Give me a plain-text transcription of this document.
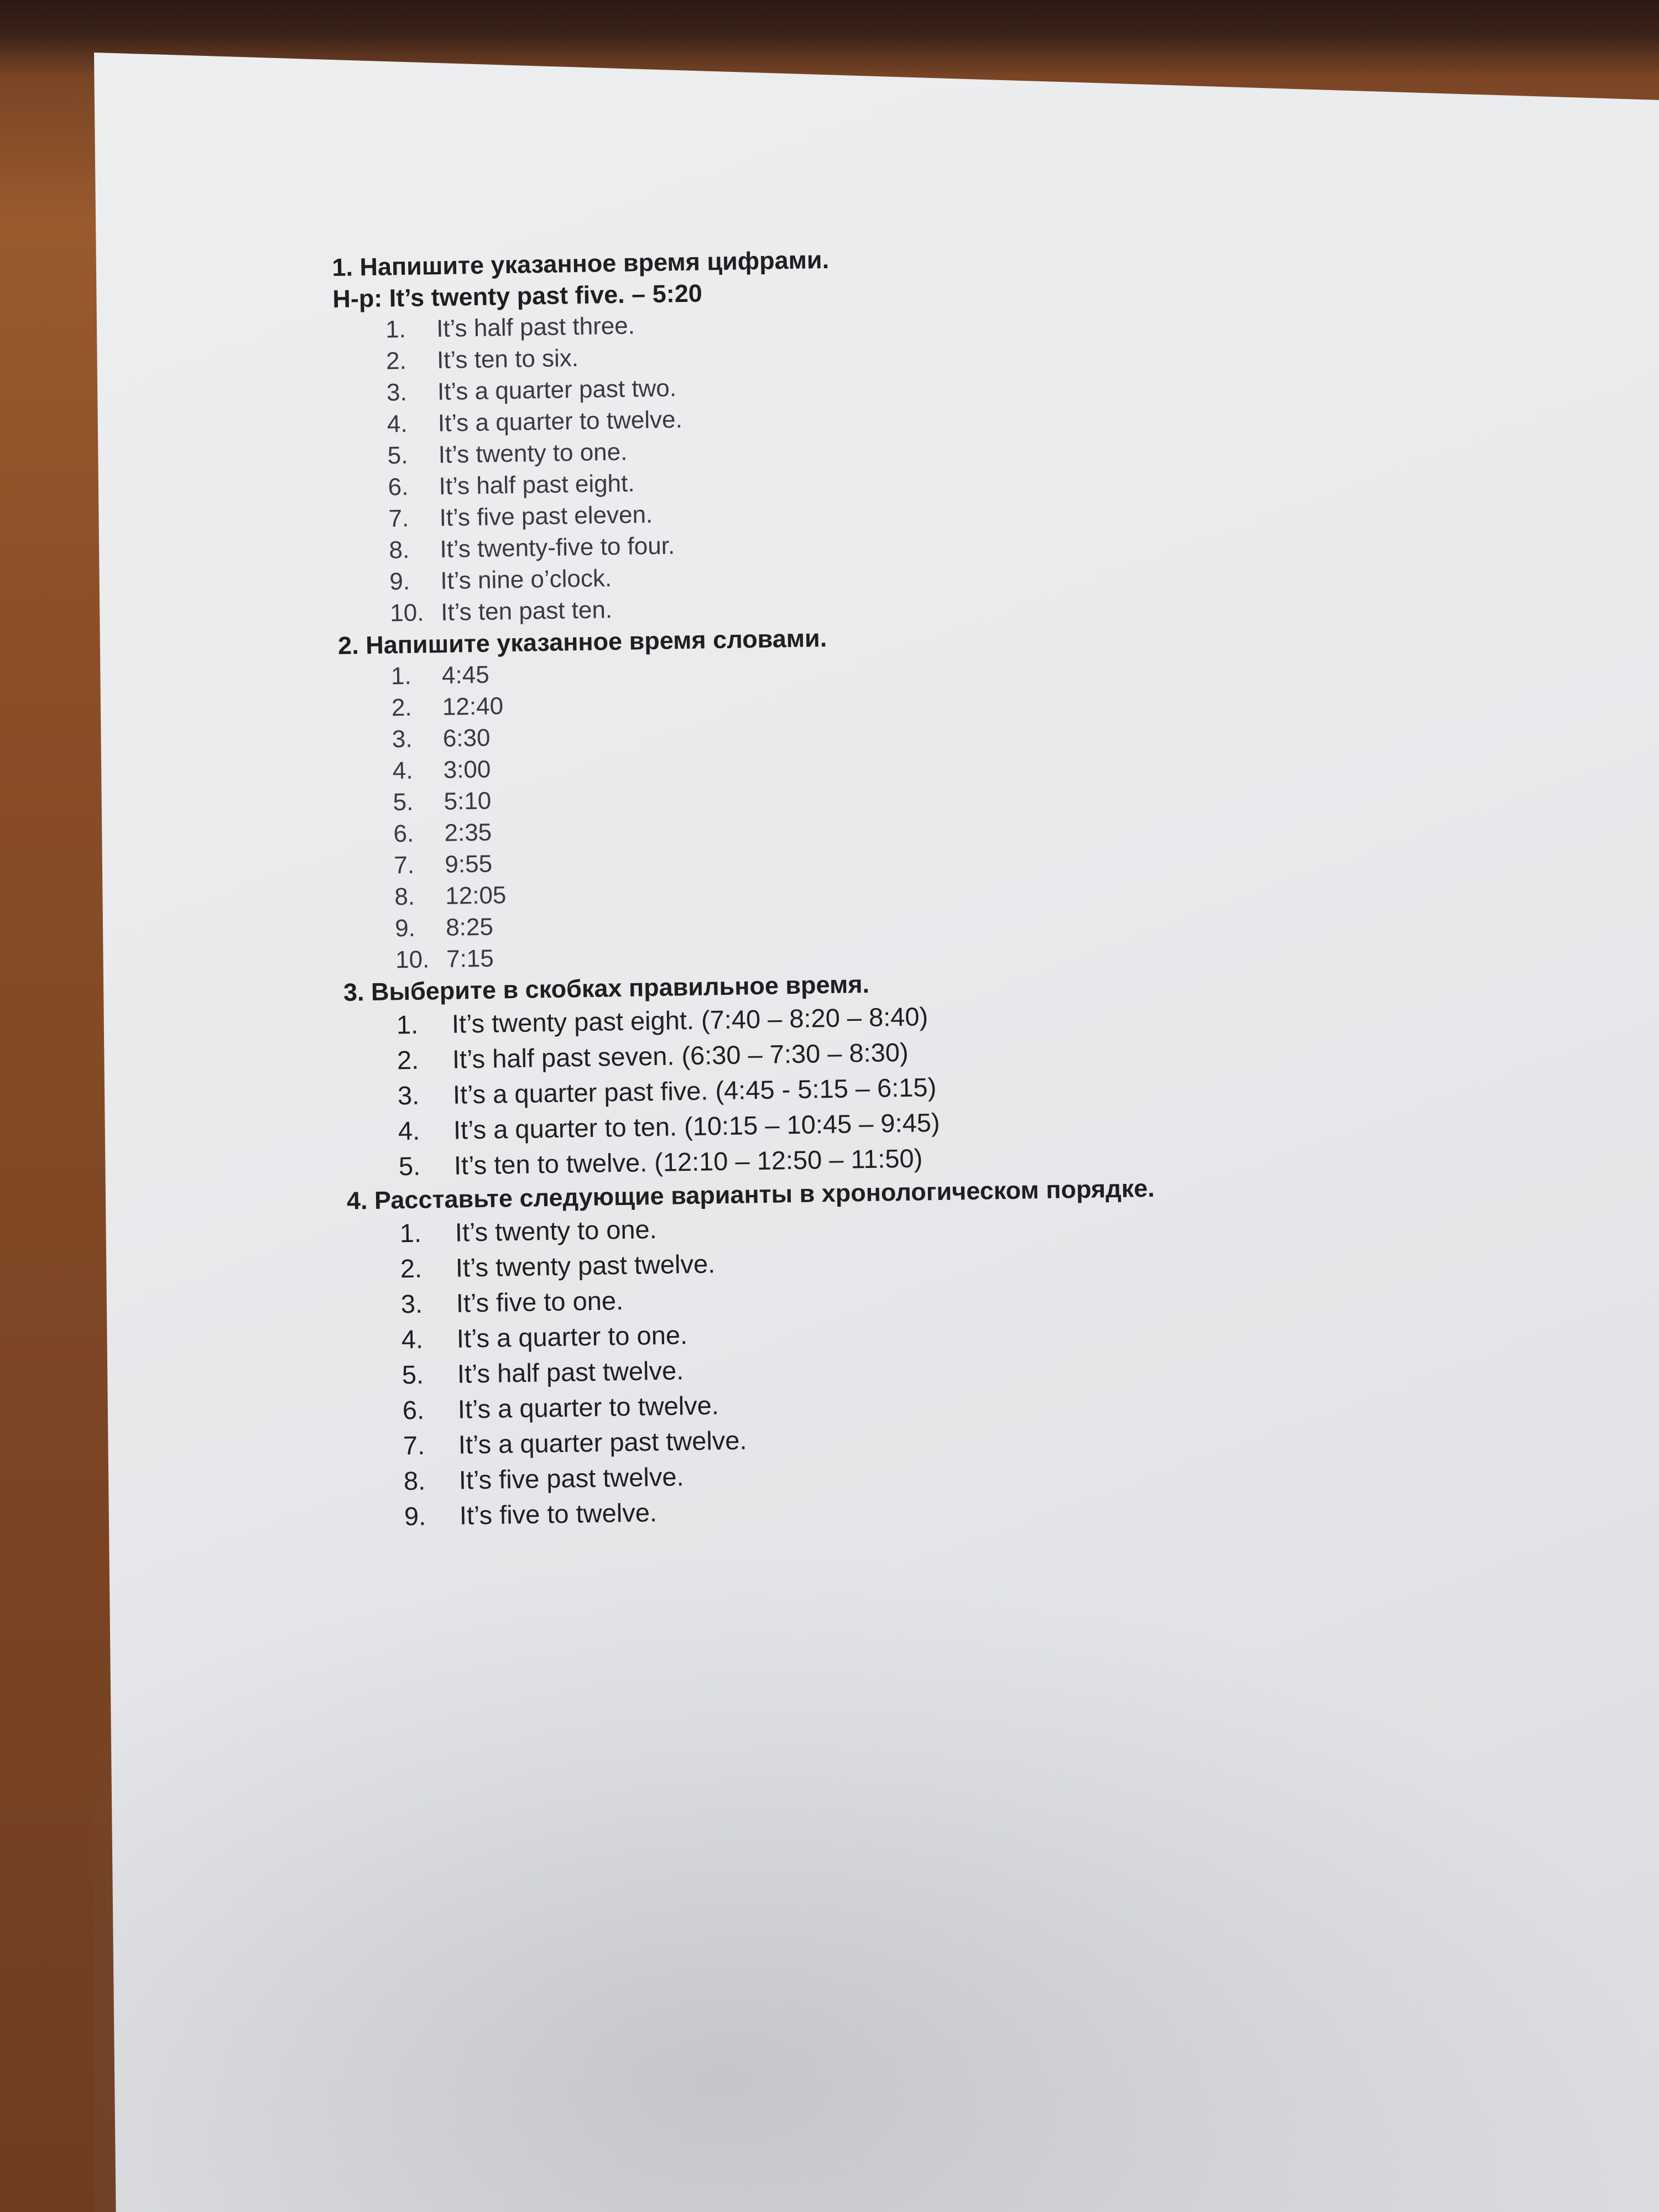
1. Напишите указанное время цифрами.
Н-р: It’s twenty past five. – 5:20
1.	It’s half past three.
2.	It’s ten to six.
3.	It’s a quarter past two.
4.	It’s a quarter to twelve.
5.	It’s twenty to one.
6.	It’s half past eight.
7.	It’s five past eleven.
8.	It’s twenty-five to four.
9.	It’s nine o’clock.
10. It’s ten past ten.
2. Напишите указанное время словами.
1.	4:45
2.	12:40
3.	6:30
4.	3:00
5.	5:10
6.	2:35
7.	9:55
8.	12:05
9.	8:25
10. 7:15
3. Выберите в скобках правильное время.
1.	It’s twenty past eight. (7:40 – 8:20 – 8:40)
2.	It’s half past seven. (6:30 – 7:30 – 8:30)
3.	It’s a quarter past five. (4:45 - 5:15 – 6:15)
4.	It’s a quarter to ten. (10:15 – 10:45 – 9:45)
5.	It’s ten to twelve. (12:10 – 12:50 – 11:50)
4. Расставьте следующие варианты в хронологическом порядке.
1.	It’s twenty to one.
2.	It’s twenty past twelve.
3.	It’s five to one.
4.	It’s a quarter to one.
5.	It’s half past twelve.
6.	It’s a quarter to twelve.
7.	It’s a quarter past twelve.
8.	It’s five past twelve.
9.	It’s five to twelve.
